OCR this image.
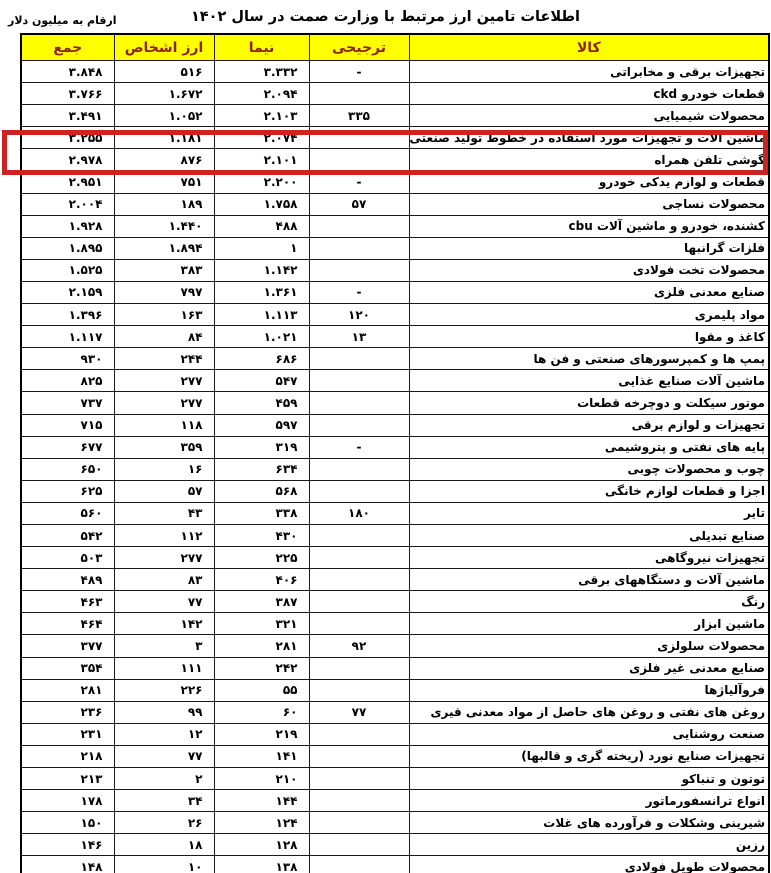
ارقام به میلیون دلار	اطلاعات تامین ارز مرتبط با وزارت صمت در سال ۱۴۰۲
کالا	ترجیحی	نیما	ارز اشخاص	جمع
تجهیزات برقی و مخابراتی	-	۳.۳۳۲	۵۱۶	۳.۸۴۸
قطعات خودرو ckd		۲.۰۹۴	۱.۶۷۲	۳.۷۶۶
محصولات شیمیایی	۳۳۵	۲.۱۰۳	۱.۰۵۲	۳.۴۹۱
ماشین آلات و تجهیزات مورد استفاده در خطوط تولید صنعتی		۲.۰۷۴	۱.۱۸۱	۳.۲۵۵
گوشی تلفن همراه		۲.۱۰۱	۸۷۶	۲.۹۷۸
قطعات و لوازم یدکی خودرو	-	۲.۲۰۰	۷۵۱	۲.۹۵۱
محصولات نساجی	۵۷	۱.۷۵۸	۱۸۹	۲.۰۰۴
کشنده، خودرو و ماشین آلات cbu		۴۸۸	۱.۴۴۰	۱.۹۲۸
فلزات گرانبها		۱	۱.۸۹۴	۱.۸۹۵
محصولات تخت فولادی		۱.۱۴۲	۳۸۳	۱.۵۲۵
صنایع معدنی فلزی	-	۱.۳۶۱	۷۹۷	۲.۱۵۹
مواد پلیمری	۱۲۰	۱.۱۱۳	۱۶۳	۱.۳۹۶
کاغذ و مقوا	۱۳	۱.۰۲۱	۸۴	۱.۱۱۷
پمپ ها و کمپرسورهای صنعتی و فن ها		۶۸۶	۲۴۴	۹۳۰
ماشین آلات صنایع غذایی		۵۴۷	۲۷۷	۸۲۵
موتور سیکلت و دوچرخه قطعات		۴۵۹	۲۷۷	۷۳۷
تجهیزات و لوازم برقی		۵۹۷	۱۱۸	۷۱۵
پایه های نفتی و پتروشیمی	-	۳۱۹	۳۵۹	۶۷۷
چوب و محصولات چوبی		۶۳۴	۱۶	۶۵۰
اجزا و قطعات لوازم خانگی		۵۶۸	۵۷	۶۲۵
تایر	۱۸۰	۳۳۸	۴۳	۵۶۰
صنایع تبدیلی		۴۳۰	۱۱۲	۵۴۲
تجهیزات نیروگاهی		۲۲۵	۲۷۷	۵۰۳
ماشین آلات و دستگاههای برقی		۴۰۶	۸۳	۴۸۹
رنگ		۳۸۷	۷۷	۴۶۳
ماشین ابزار		۳۲۱	۱۴۲	۴۶۴
محصولات سلولزی	۹۲	۲۸۱	۳	۳۷۷
صنایع معدنی غیر فلزی		۲۴۲	۱۱۱	۳۵۴
فروآلیاژها		۵۵	۲۲۶	۲۸۱
روغن های نفتی و روغن های حاصل از مواد معدنی قیری	۷۷	۶۰	۹۹	۲۳۶
صنعت روشنایی		۲۱۹	۱۲	۲۳۱
تجهیزات صنایع نورد (ریخته گری و قالبها)		۱۴۱	۷۷	۲۱۸
توتون و تنباکو		۲۱۰	۲	۲۱۳
انواع ترانسفورماتور		۱۴۴	۳۴	۱۷۸
شیرینی وشکلات و فرآورده های غلات		۱۲۴	۲۶	۱۵۰
رزین		۱۲۸	۱۸	۱۴۶
محصولات طویل فولادی		۱۳۸	۱۰	۱۴۸
